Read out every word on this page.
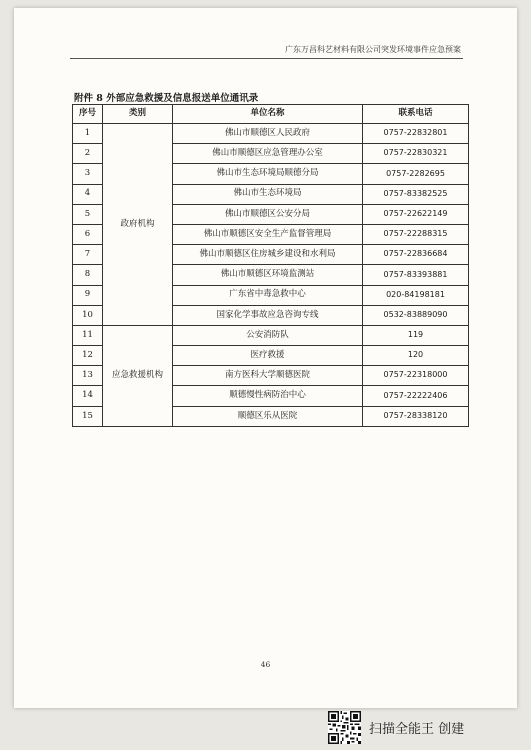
广东万昌科艺材料有限公司突发环境事件应急预案
附件 8 外部应急救援及信息报送单位通讯录
序号	类别	单位名称	联系电话
1	政府机构	佛山市顺德区人民政府	0757-22832801
2		佛山市顺德区应急管理办公室	0757-22830321
3		佛山市生态环境局顺德分局	0757-2282695
4		佛山市生态环境局	0757-83382525
5		佛山市顺德区公安分局	0757-22622149
6		佛山市顺德区安全生产监督管理局	0757-22288315
7		佛山市顺德区住房城乡建设和水利局	0757-22836684
8		佛山市顺德区环境监测站	0757-83393881
9		广东省中毒急救中心	020-84198181
10		国家化学事故应急咨询专线	0532-83889090
11	应急救援机构	公安消防队	119
12		医疗救援	120
13		南方医科大学顺德医院	0757-22318000
14		顺德慢性病防治中心	0757-22222406
15		顺德区乐从医院	0757-28338120
46
扫描全能王 创建
